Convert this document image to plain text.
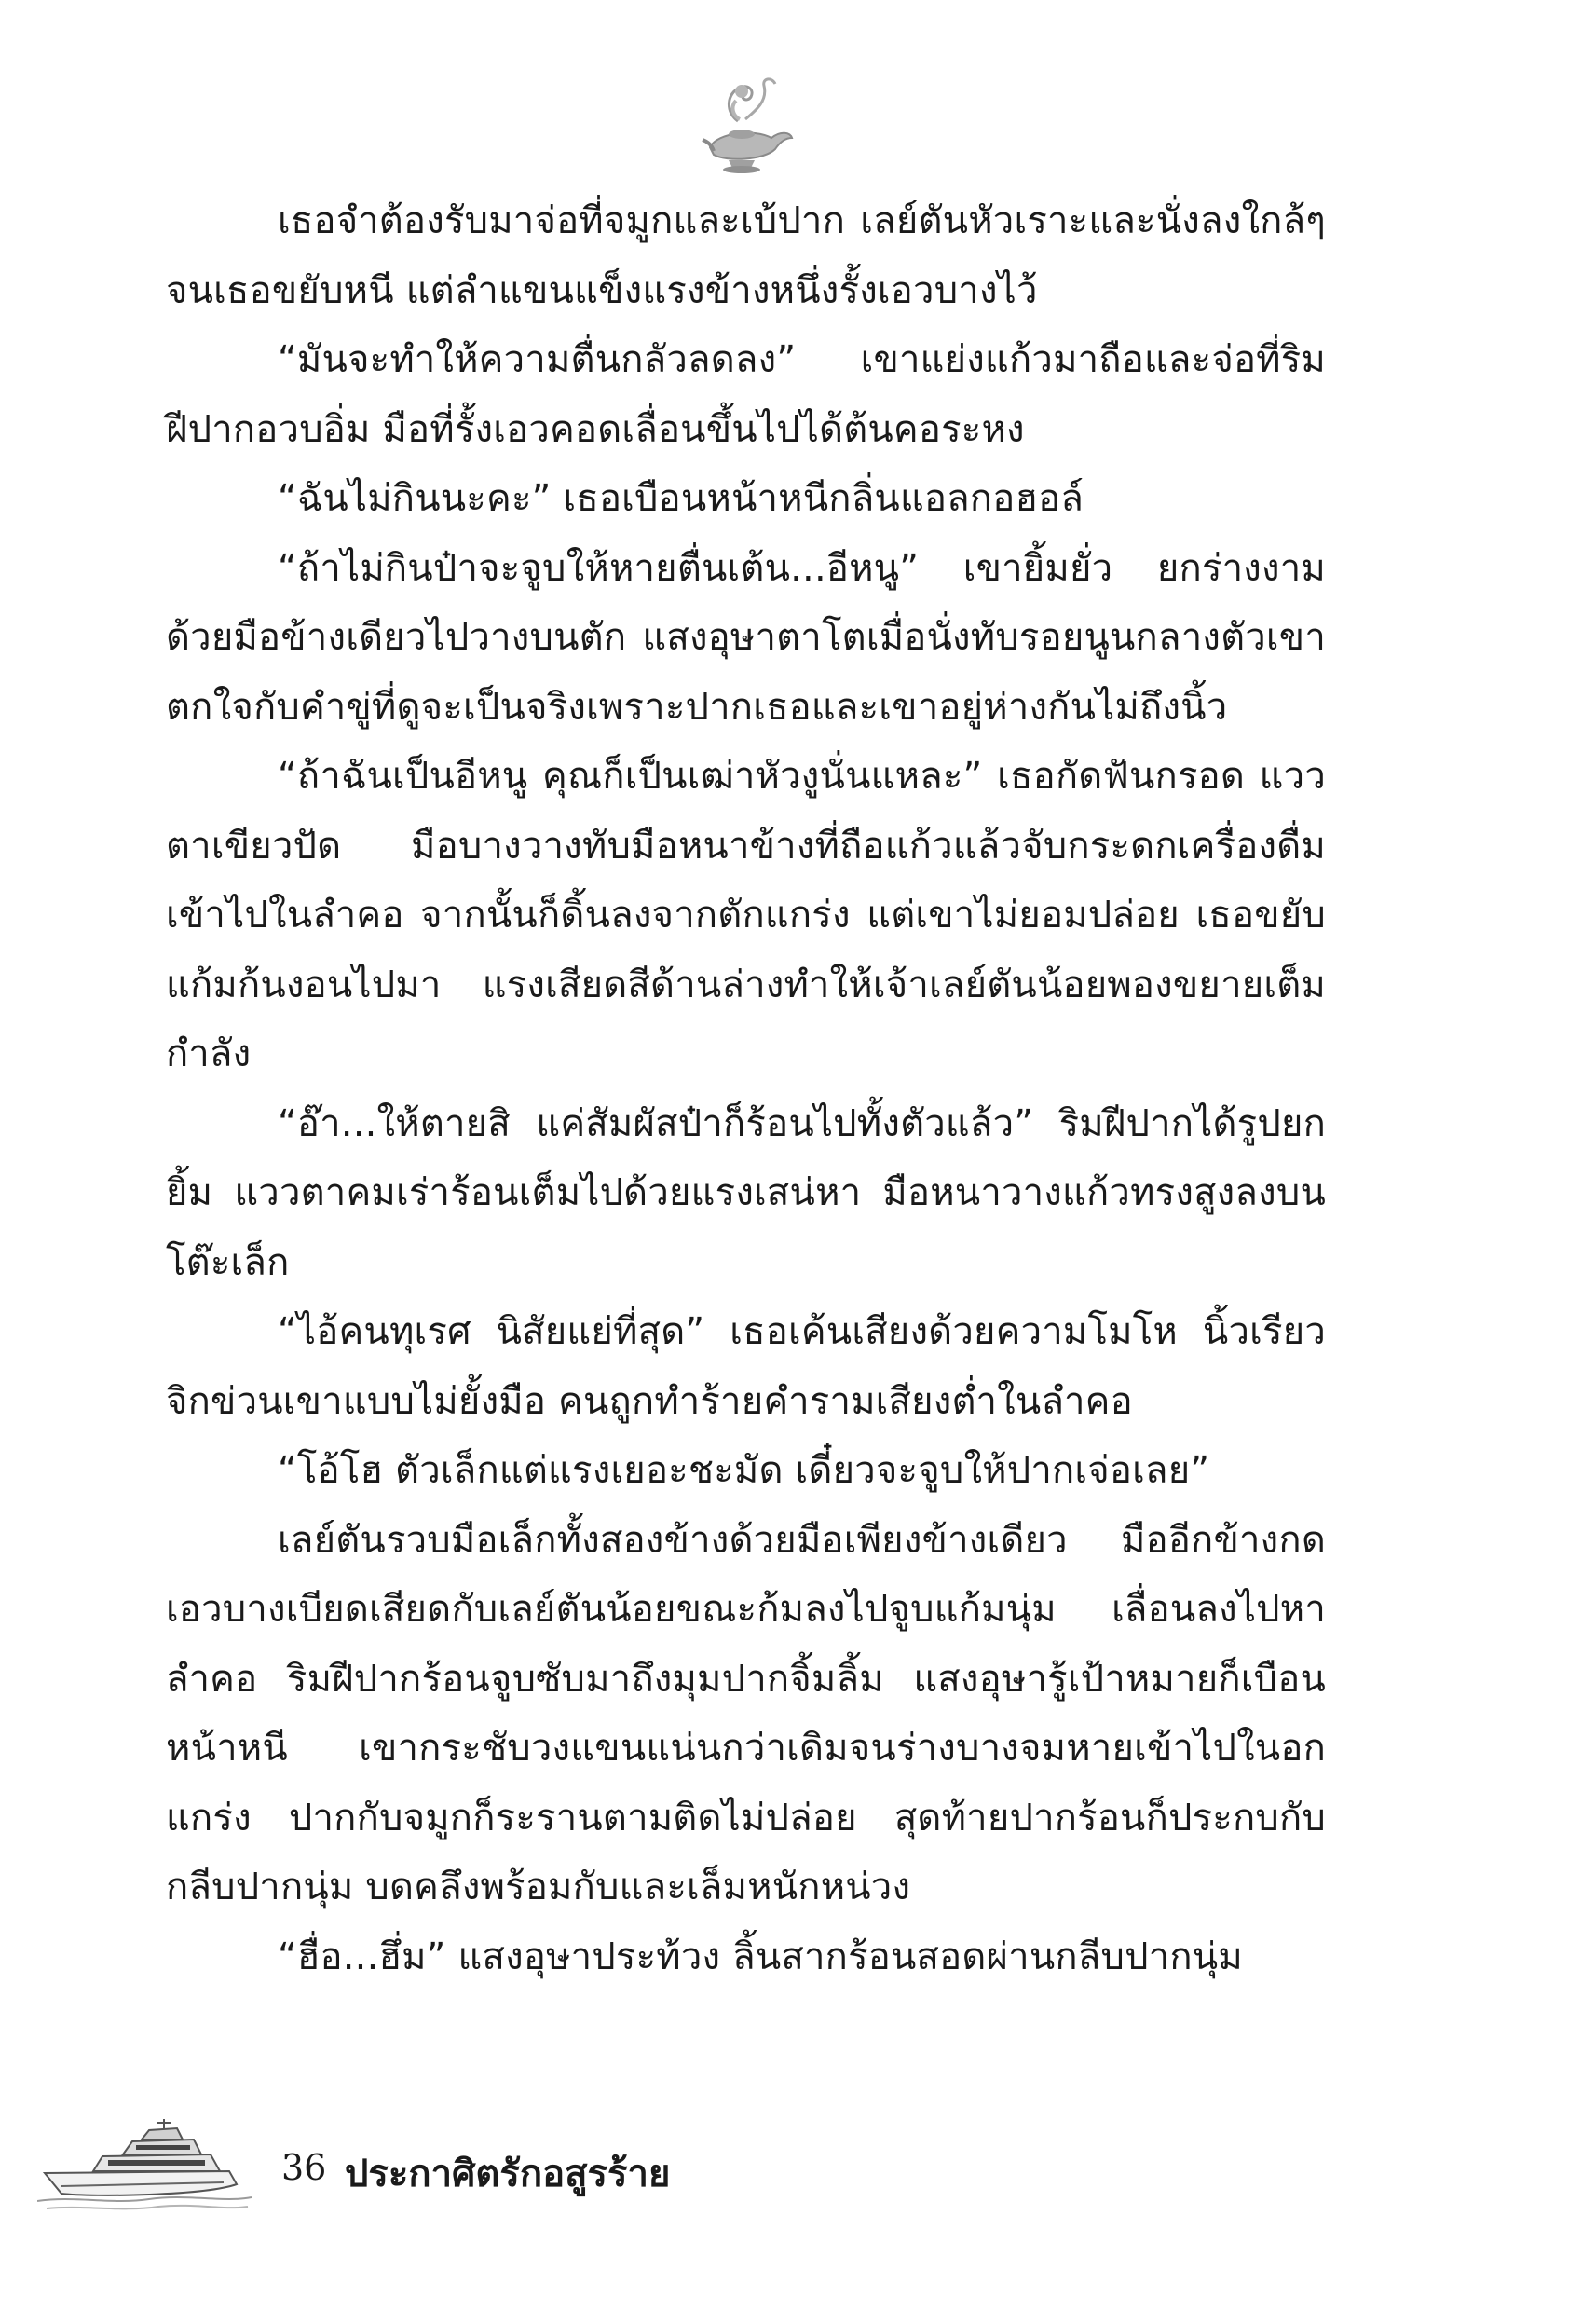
เธอจำต้องรับมาจ่อที่จมูกและเบ้ปาก เลย์ตันหัวเราะและนั่งลงใกล้ๆ จนเธอขยับหนี แต่ลำแขนแข็งแรงข้างหนึ่งรั้งเอวบางไว้

“มันจะทำให้ความตื่นกลัวลดลง” เขาแย่งแก้วมาถือและจ่อที่ริมฝีปากอวบอิ่ม มือที่รั้งเอวคอดเลื่อนขึ้นไปได้ต้นคอระหง

“ฉันไม่กินนะคะ” เธอเบือนหน้าหนีกลิ่นแอลกอฮอล์

“ถ้าไม่กินป๋าจะจูบให้หายตื่นเต้น...อีหนู” เขายิ้มยั่ว ยกร่างงามด้วยมือข้างเดียวไปวางบนตัก แสงอุษาตาโตเมื่อนั่งทับรอยนูนกลางตัวเขา ตกใจกับคำขู่ที่ดูจะเป็นจริงเพราะปากเธอและเขาอยู่ห่างกันไม่ถึงนิ้ว

“ถ้าฉันเป็นอีหนู คุณก็เป็นเฒ่าหัวงูนั่นแหละ” เธอกัดฟันกรอด แววตาเขียวปัด มือบางวางทับมือหนาข้างที่ถือแก้วแล้วจับกระดกเครื่องดื่มเข้าไปในลำคอ จากนั้นก็ดิ้นลงจากตักแกร่ง แต่เขาไม่ยอมปล่อย เธอขยับแก้มก้นงอนไปมา แรงเสียดสีด้านล่างทำให้เจ้าเลย์ตันน้อยพองขยายเต็มกำลัง

“อ๊า...ให้ตายสิ แค่สัมผัสป๋าก็ร้อนไปทั้งตัวแล้ว” ริมฝีปากได้รูปยกยิ้ม แววตาคมเร่าร้อนเต็มไปด้วยแรงเสน่หา มือหนาวางแก้วทรงสูงลงบนโต๊ะเล็ก

“ไอ้คนทุเรศ นิสัยแย่ที่สุด” เธอเค้นเสียงด้วยความโมโห นิ้วเรียวจิกข่วนเขาแบบไม่ยั้งมือ คนถูกทำร้ายคำรามเสียงต่ำในลำคอ

“โอ้โฮ ตัวเล็กแต่แรงเยอะชะมัด เดี๋ยวจะจูบให้ปากเจ่อเลย”

เลย์ตันรวบมือเล็กทั้งสองข้างด้วยมือเพียงข้างเดียว มืออีกข้างกดเอวบางเบียดเสียดกับเลย์ตันน้อยขณะก้มลงไปจูบแก้มนุ่ม เลื่อนลงไปหาลำคอ ริมฝีปากร้อนจูบซับมาถึงมุมปากจิ้มลิ้ม แสงอุษารู้เป้าหมายก็เบือนหน้าหนี เขากระชับวงแขนแน่นกว่าเดิมจนร่างบางจมหายเข้าไปในอกแกร่ง ปากกับจมูกก็ระรานตามติดไม่ปล่อย สุดท้ายปากร้อนก็ประกบกับกลีบปากนุ่ม บดคลึงพร้อมกับและเล็มหนักหน่วง

“ฮื่อ...ฮึ่ม” แสงอุษาประท้วง ลิ้นสากร้อนสอดผ่านกลีบปากนุ่ม

36 ประกาศิตรักอสูรร้าย
